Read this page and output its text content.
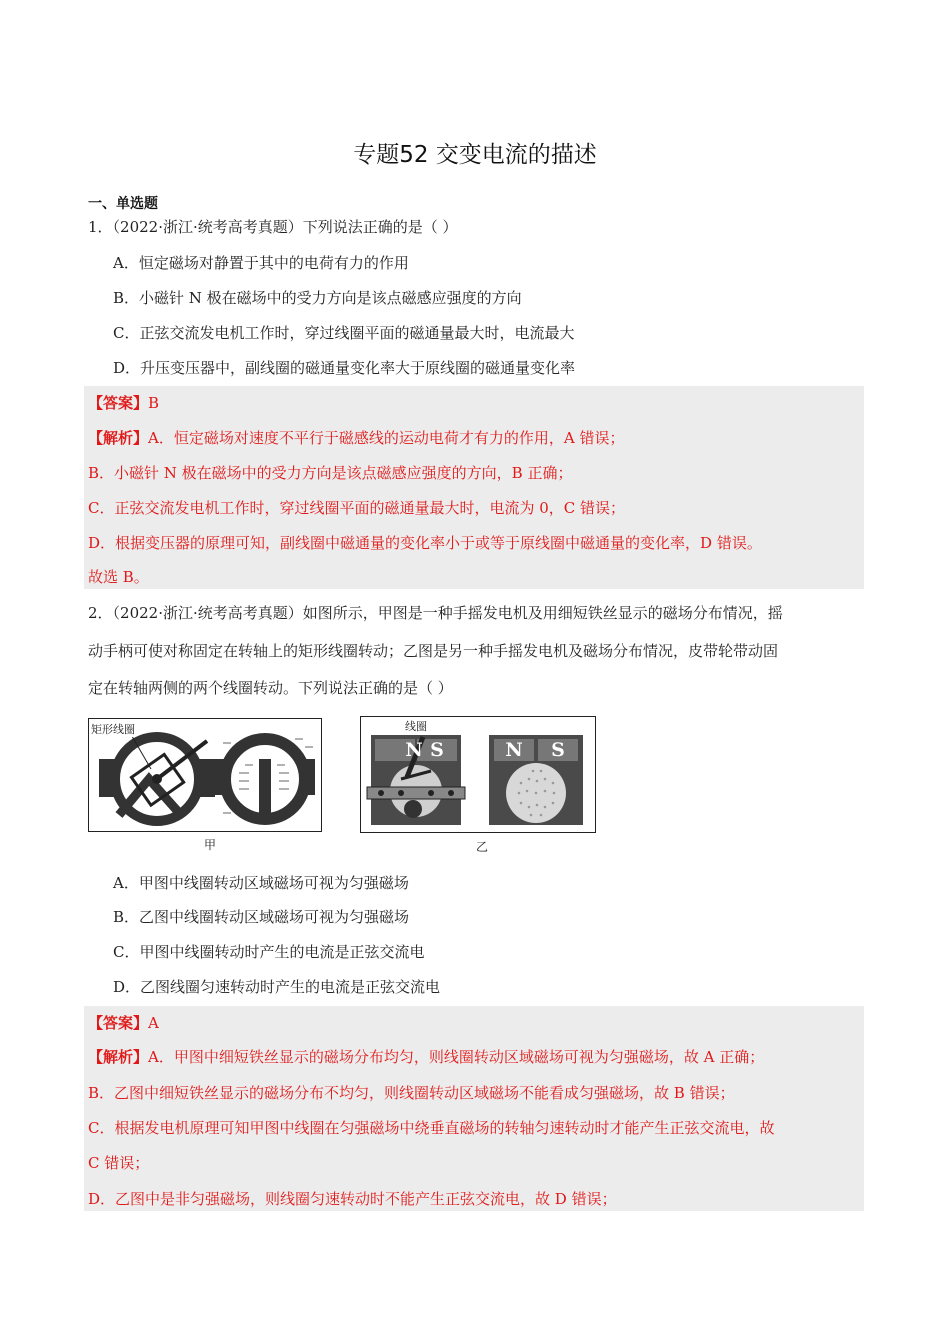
专题52 交变电流的描述
一、单选题
1．（2022·浙江·统考高考真题）下列说法正确的是（ ）
A．恒定磁场对静置于其中的电荷有力的作用
B．小磁针 N 极在磁场中的受力方向是该点磁感应强度的方向
C．正弦交流发电机工作时，穿过线圈平面的磁通量最大时，电流最大
D．升压变压器中，副线圈的磁通量变化率大于原线圈的磁通量变化率
【答案】B
【解析】A．恒定磁场对速度不平行于磁感线的运动电荷才有力的作用，A 错误；
B．小磁针 N 极在磁场中的受力方向是该点磁感应强度的方向，B 正确；
C．正弦交流发电机工作时，穿过线圈平面的磁通量最大时，电流为 0，C 错误；
D．根据变压器的原理可知，副线圈中磁通量的变化率小于或等于原线圈中磁通量的变化率，D 错误。
故选 B。
2．（2022·浙江·统考高考真题）如图所示，甲图是一种手摇发电机及用细短铁丝显示的磁场分布情况，摇
动手柄可使对称固定在转轴上的矩形线圈转动；乙图是另一种手摇发电机及磁场分布情况，皮带轮带动固
定在转轴两侧的两个线圈转动。下列说法正确的是（ ）
矩形线圈
甲
N S	N	S
线圈
乙
A．甲图中线圈转动区域磁场可视为匀强磁场
B．乙图中线圈转动区域磁场可视为匀强磁场
C．甲图中线圈转动时产生的电流是正弦交流电
D．乙图线圈匀速转动时产生的电流是正弦交流电
【答案】A
【解析】A．甲图中细短铁丝显示的磁场分布均匀，则线圈转动区域磁场可视为匀强磁场，故 A 正确；
B．乙图中细短铁丝显示的磁场分布不均匀，则线圈转动区域磁场不能看成匀强磁场，故 B 错误；
C．根据发电机原理可知甲图中线圈在匀强磁场中绕垂直磁场的转轴匀速转动时才能产生正弦交流电，故
C 错误；
D．乙图中是非匀强磁场，则线圈匀速转动时不能产生正弦交流电，故 D 错误；
